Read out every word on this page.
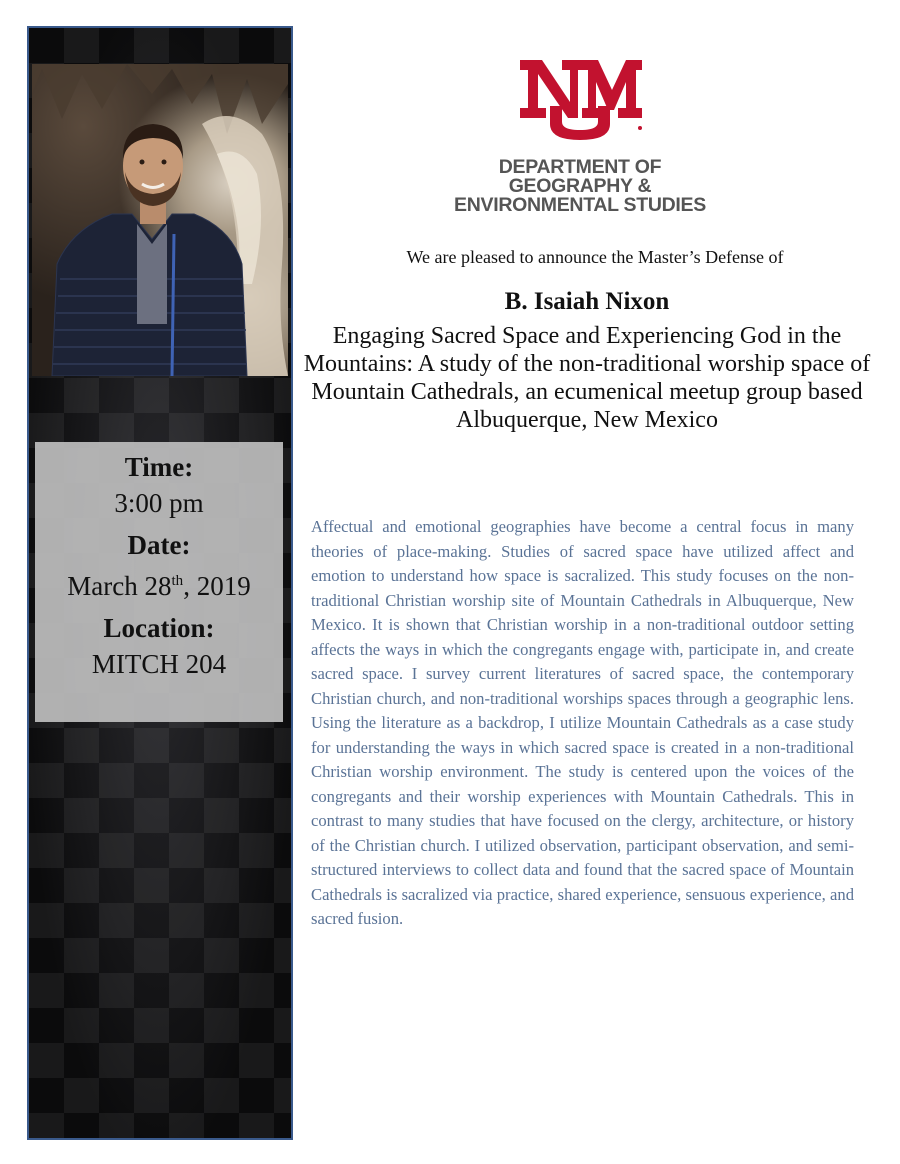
Time:
3:00 pm
Date:
March 28th, 2019
Location:
MITCH 204
DEPARTMENT OF
GEOGRAPHY &
ENVIRONMENTAL STUDIES
We are pleased to announce the Master’s Defense of
B. Isaiah Nixon
Engaging Sacred Space and Experiencing God in the Mountains: A study of the non-traditional worship space of Mountain Cathedrals, an ecumenical meetup group based Albuquerque, New Mexico
Affectual and emotional geographies have become a central focus in many theories of place-making. Studies of sacred space have utilized affect and emotion to understand how space is sacralized. This study focuses on the non-traditional Christian worship site of Mountain Cathedrals in Albuquerque, New Mexico. It is shown that Christian worship in a non-traditional outdoor setting affects the ways in which the congregants engage with, participate in, and create sacred space. I survey current literatures of sacred space, the contemporary Christian church, and non-traditional worships spaces through a geographic lens. Using the literature as a backdrop, I utilize Mountain Cathedrals as a case study for understanding the ways in which sacred space is created in a non-traditional Christian worship environment. The study is centered upon the voices of the congregants and their worship experiences with Mountain Cathedrals. This in contrast to many studies that have focused on the clergy, architecture, or history of the Christian church. I utilized observation, participant observation, and semi-structured interviews to collect data and found that the sacred space of Mountain Cathedrals is sacralized via practice, shared experience, sensuous experience, and sacred fusion.
